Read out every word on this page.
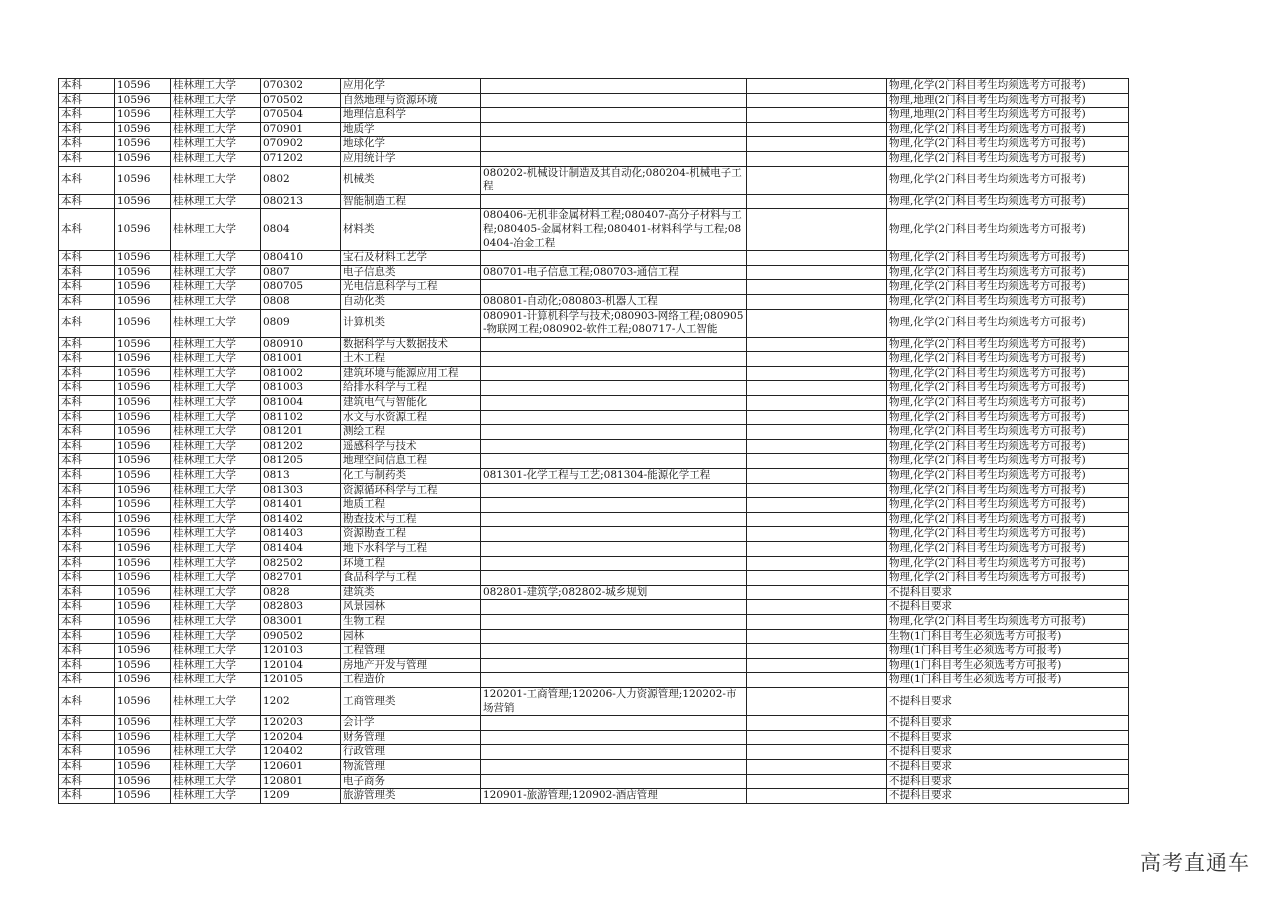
本科	10596	桂林理工大学	070302	应用化学			物理,化学(2门科目考生均须选考方可报考)
本科	10596	桂林理工大学	070502	自然地理与资源环境			物理,地理(2门科目考生均须选考方可报考)
本科	10596	桂林理工大学	070504	地理信息科学			物理,地理(2门科目考生均须选考方可报考)
本科	10596	桂林理工大学	070901	地质学			物理,化学(2门科目考生均须选考方可报考)
本科	10596	桂林理工大学	070902	地球化学			物理,化学(2门科目考生均须选考方可报考)
本科	10596	桂林理工大学	071202	应用统计学			物理,化学(2门科目考生均须选考方可报考)
本科	10596	桂林理工大学	0802	机械类	080202-机械设计制造及其自动化;080204-机械电子工程		物理,化学(2门科目考生均须选考方可报考)
本科	10596	桂林理工大学	080213	智能制造工程			物理,化学(2门科目考生均须选考方可报考)
本科	10596	桂林理工大学	0804	材料类	080406-无机非金属材料工程;080407-高分子材料与工程;080405-金属材料工程;080401-材料科学与工程;080404-冶金工程		物理,化学(2门科目考生均须选考方可报考)
本科	10596	桂林理工大学	080410	宝石及材料工艺学			物理,化学(2门科目考生均须选考方可报考)
本科	10596	桂林理工大学	0807	电子信息类	080701-电子信息工程;080703-通信工程		物理,化学(2门科目考生均须选考方可报考)
本科	10596	桂林理工大学	080705	光电信息科学与工程			物理,化学(2门科目考生均须选考方可报考)
本科	10596	桂林理工大学	0808	自动化类	080801-自动化;080803-机器人工程		物理,化学(2门科目考生均须选考方可报考)
本科	10596	桂林理工大学	0809	计算机类	080901-计算机科学与技术;080903-网络工程;080905-物联网工程;080902-软件工程;080717-人工智能		物理,化学(2门科目考生均须选考方可报考)
本科	10596	桂林理工大学	080910	数据科学与大数据技术			物理,化学(2门科目考生均须选考方可报考)
本科	10596	桂林理工大学	081001	土木工程			物理,化学(2门科目考生均须选考方可报考)
本科	10596	桂林理工大学	081002	建筑环境与能源应用工程			物理,化学(2门科目考生均须选考方可报考)
本科	10596	桂林理工大学	081003	给排水科学与工程			物理,化学(2门科目考生均须选考方可报考)
本科	10596	桂林理工大学	081004	建筑电气与智能化			物理,化学(2门科目考生均须选考方可报考)
本科	10596	桂林理工大学	081102	水文与水资源工程			物理,化学(2门科目考生均须选考方可报考)
本科	10596	桂林理工大学	081201	测绘工程			物理,化学(2门科目考生均须选考方可报考)
本科	10596	桂林理工大学	081202	遥感科学与技术			物理,化学(2门科目考生均须选考方可报考)
本科	10596	桂林理工大学	081205	地理空间信息工程			物理,化学(2门科目考生均须选考方可报考)
本科	10596	桂林理工大学	0813	化工与制药类	081301-化学工程与工艺;081304-能源化学工程		物理,化学(2门科目考生均须选考方可报考)
本科	10596	桂林理工大学	081303	资源循环科学与工程			物理,化学(2门科目考生均须选考方可报考)
本科	10596	桂林理工大学	081401	地质工程			物理,化学(2门科目考生均须选考方可报考)
本科	10596	桂林理工大学	081402	勘查技术与工程			物理,化学(2门科目考生均须选考方可报考)
本科	10596	桂林理工大学	081403	资源勘查工程			物理,化学(2门科目考生均须选考方可报考)
本科	10596	桂林理工大学	081404	地下水科学与工程			物理,化学(2门科目考生均须选考方可报考)
本科	10596	桂林理工大学	082502	环境工程			物理,化学(2门科目考生均须选考方可报考)
本科	10596	桂林理工大学	082701	食品科学与工程			物理,化学(2门科目考生均须选考方可报考)
本科	10596	桂林理工大学	0828	建筑类	082801-建筑学;082802-城乡规划		不提科目要求
本科	10596	桂林理工大学	082803	风景园林			不提科目要求
本科	10596	桂林理工大学	083001	生物工程			物理,化学(2门科目考生均须选考方可报考)
本科	10596	桂林理工大学	090502	园林			生物(1门科目考生必须选考方可报考)
本科	10596	桂林理工大学	120103	工程管理			物理(1门科目考生必须选考方可报考)
本科	10596	桂林理工大学	120104	房地产开发与管理			物理(1门科目考生必须选考方可报考)
本科	10596	桂林理工大学	120105	工程造价			物理(1门科目考生必须选考方可报考)
本科	10596	桂林理工大学	1202	工商管理类	120201-工商管理;120206-人力资源管理;120202-市场营销		不提科目要求
本科	10596	桂林理工大学	120203	会计学			不提科目要求
本科	10596	桂林理工大学	120204	财务管理			不提科目要求
本科	10596	桂林理工大学	120402	行政管理			不提科目要求
本科	10596	桂林理工大学	120601	物流管理			不提科目要求
本科	10596	桂林理工大学	120801	电子商务			不提科目要求
本科	10596	桂林理工大学	1209	旅游管理类	120901-旅游管理;120902-酒店管理		不提科目要求
高考直通车
